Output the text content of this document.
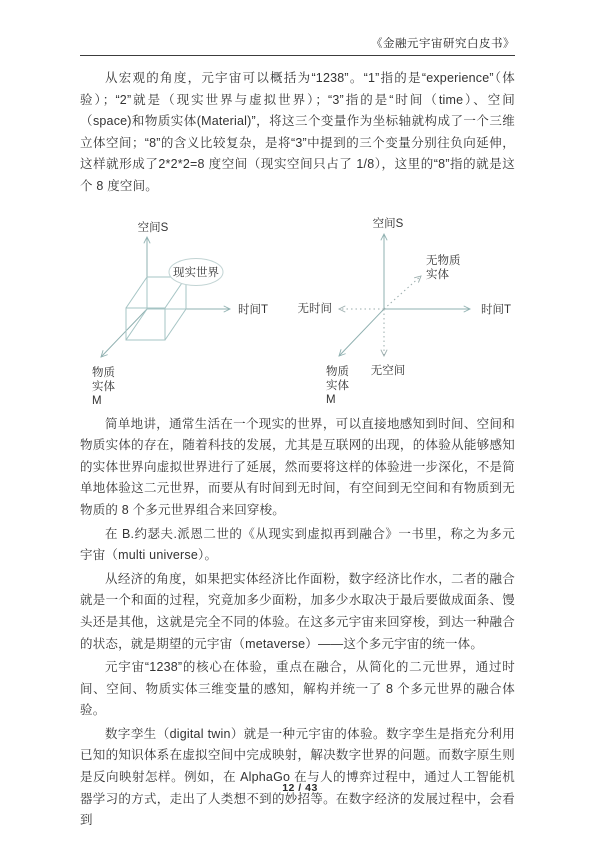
《金融元宇宙研究白皮书》

从宏观的角度，元宇宙可以概括为“1238”。“1”指的是“experience”（体验）；“2”就是（现实世界与虚拟世界）；“3”指的是“时间（time）、空间（space)和物质实体(Material)”，将这三个变量作为坐标轴就构成了一个三维立体空间；“8”的含义比较复杂，是将“3”中提到的三个变量分别往负向延伸，这样就形成了2*2*2=8 度空间（现实空间只占了 1/8），这里的“8”指的就是这个 8 度空间。

现实世界
空间S
时间T
物质
实体
M
空间S
时间T
无时间
无空间
无物质
实体
物质
实体
M

简单地讲，通常生活在一个现实的世界，可以直接地感知到时间、空间和物质实体的存在，随着科技的发展，尤其是互联网的出现，的体验从能够感知的实体世界向虚拟世界进行了延展，然而要将这样的体验进一步深化，不是简单地体验这二元世界，而要从有时间到无时间，有空间到无空间和有物质到无物质的 8 个多元世界组合来回穿梭。

在 B.约瑟夫.派恩二世的《从现实到虚拟再到融合》一书里，称之为多元宇宙（multi universe）。

从经济的角度，如果把实体经济比作面粉，数字经济比作水，二者的融合就是一个和面的过程，究竟加多少面粉，加多少水取决于最后要做成面条、馒头还是其他，这就是完全不同的体验。在这多元宇宙来回穿梭，到达一种融合的状态，就是期望的元宇宙（metaverse）——这个多元宇宙的统一体。

元宇宙“1238”的核心在体验，重点在融合，从简化的二元世界，通过时间、空间、物质实体三维变量的感知，解构并统一了 8 个多元世界的融合体验。

数字孪生（digital twin）就是一种元宇宙的体验。数字孪生是指充分利用已知的知识体系在虚拟空间中完成映射，解决数字世界的问题。而数字原生则是反向映射怎样。例如，在 AlphaGo 在与人的博弈过程中，通过人工智能机器学习的方式，走出了人类想不到的妙招等。在数字经济的发展过程中，会看到

12 / 43
